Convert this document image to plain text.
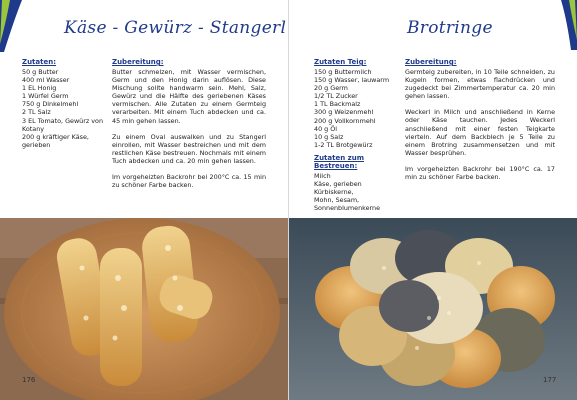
Käse - Gewürz - Stangerl
Zutaten:
50 g Butter
400 ml Wasser
1 EL Honig
1 Würfel Germ
750 g Dinkelmehl
2 TL Salz
3 EL Tomato, Gewürz von Kotany
200 g kräftiger Käse, gerieben
Zubereitung:
Butter schmelzen, mit Wasser vermischen, Germ und den Honig darin auflösen. Diese Mischung sollte handwarm sein. Mehl, Salz, Gewürz und die Hälfte des geriebenen Käses vermischen. Alle Zutaten zu einem Germteig verarbeiten. Mit einem Tuch abdecken und ca. 45 min gehen lassen.
Zu einem Oval auswalken und zu Stangerl einrollen, mit Wasser bestreichen und mit dem restlichen Käse bestreuen. Nochmals mit einem Tuch abdecken und ca. 20 min gehen lassen.
Im vorgeheizten Backrohr bei 200°C ca. 15 min zu schöner Farbe backen.
176
Brotringe
Zutaten Teig:
150 g Buttermilch
150 g Wasser, lauwarm
20 g Germ
1/2 TL Zucker
1 TL Backmalz
300 g Weizenmehl
200 g Vollkornmehl
40 g Öl
10 g Salz
1-2 TL Brotgewürz
Zutaten zum Bestreuen:
Milch
Käse, gerieben
Kürbiskerne,
Mohn, Sesam,
Sonnenblumenkerne
Zubereitung:
Germteig zubereiten, in 10 Teile schneiden, zu Kugeln formen, etwas flachdrücken und zugedeckt bei Zimmertemperatur ca. 20 min gehen lassen.
Weckerl in Milch und anschließend in Kerne oder Käse tauchen. Jedes Weckerl anschließend mit einer festen Teigkarte vierteln. Auf dem Backblech je 5 Teile zu einem Brotring zusammensetzen und mit Wasser besprühen.
Im vorgeheizten Backrohr bei 190°C ca. 17 min zu schöner Farbe backen.
177
